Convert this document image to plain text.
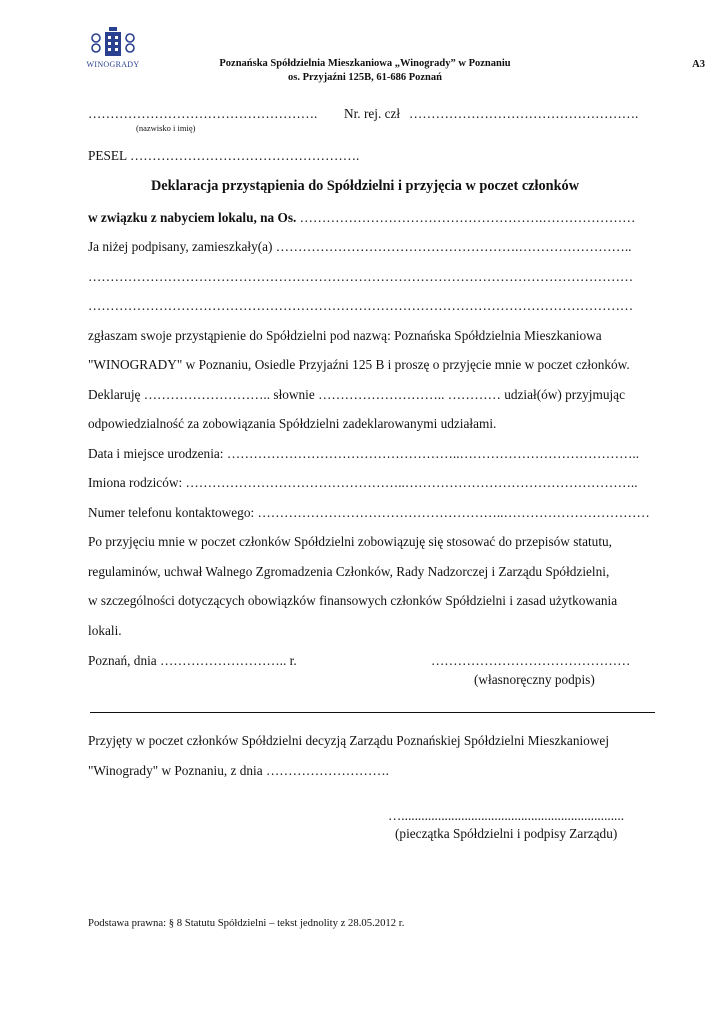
WINOGRADY	Poznańska Spółdzielnia Mieszkaniowa „Winogrady” w Poznaniu
os. Przyjaźni 125B, 61-686 Poznań
A3
……………………………………………. Nr. rej. czł …………………………………………….
(nazwisko i imię)
PESEL …………………………………………….
Deklaracja przystąpienia do Spółdzielni i przyjęcia w poczet członków
w związku z nabyciem lokalu, na Os. ……………………………………………….…………………
Ja niżej podpisany, zamieszkały(a) ……………………………………………….……………………..
……………………………………………………………………………………………………………
……………………………………………………………………………………………………………
zgłaszam swoje przystąpienie do Spółdzielni pod nazwą: Poznańska Spółdzielnia Mieszkaniowa
"WINOGRADY" w Poznaniu, Osiedle Przyjaźni 125 B i proszę o przyjęcie mnie w poczet członków.
Deklaruję ……………………….. słownie ……………………….. ………… udział(ów) przyjmując
odpowiedzialność za zobowiązania Spółdzielni zadeklarowanymi udziałami.
Data i miejsce urodzenia: ……………………………………………..…………………………………..
Imiona rodziców: …………………………………………..……………………………………………..
Numer telefonu kontaktowego: ………………………………………………..……………………………
Po przyjęciu mnie w poczet członków Spółdzielni zobowiązuję się stosować do przepisów statutu,
regulaminów, uchwał Walnego Zgromadzenia Członków, Rady Nadzorczej i Zarządu Spółdzielni,
w szczególności dotyczących obowiązków finansowych członków Spółdzielni i zasad użytkowania
lokali.
Poznań, dnia ……………………….. r.	………………………………………
(własnoręczny podpis)
Przyjęty w poczet członków Spółdzielni decyzją Zarządu Poznańskiej Spółdzielni Mieszkaniowej
"Winogrady" w Poznaniu, z dnia ……………………….
…...................................................................
(pieczątka Spółdzielni i podpisy Zarządu)
Podstawa prawna: § 8 Statutu Spółdzielni – tekst jednolity z 28.05.2012 r.
